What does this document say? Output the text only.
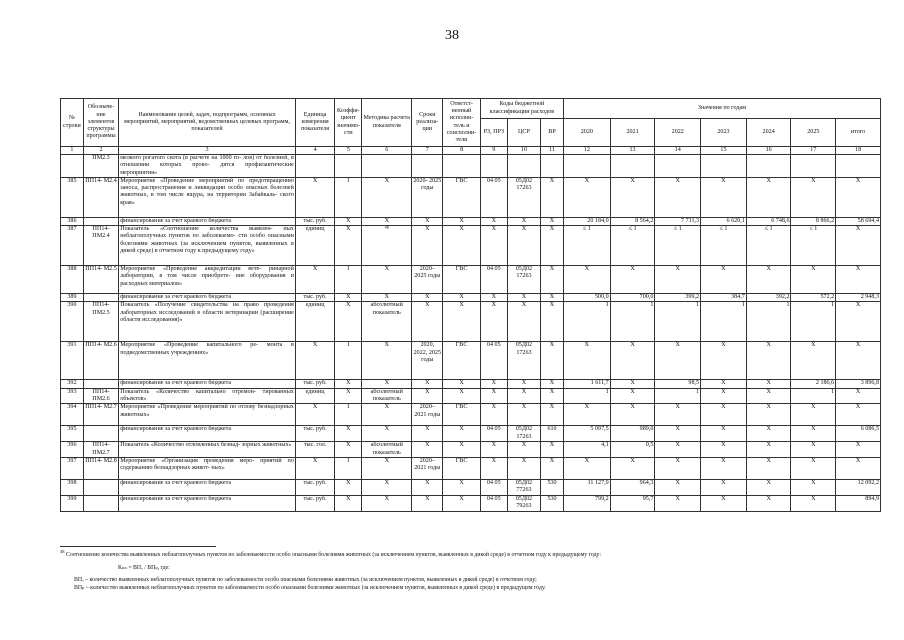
38
№ строки	Обозначе- ние элементов структуры программы	Наименование целей, задач, подпрограмм, основных мероприятий, мероприятий, ведомственных целевых программ, показателей	Единица измерения показателя	Коэффи- циент значимо- сти	Методика расчета показателя	Сроки реализа- ции	Ответст- венный исполни- тель и соисполни- тели	Коды бюджетной классификации расходов			Значения по годам						
								РЗ, ПРЗ	ЦСР	ВР	2020	2021	2022	2023	2024	2025	итого
1	2	3	4	5	6	7	8	9	10	11	12	13	14	15	16	17	18
	ПМ2.3	мелкого рогатого скота (в расчете на 1000 го- лов) от болезней, в отношении которых прово- дятся профилактические мероприятия»															
385	ПП14- М2.4	Мероприятие «Проведение мероприятий по предотвращению заноса, распространения и ликвидации особо опасных болезней животных, в том числе ящура, на территории Забайкаль- ского края»	Х	1	Х	2020- 2025 годы	ГВС	04 05	05Д02 17263	Х	Х	Х	Х	Х	Х	Х	Х
386		финансирование за счет краевого бюджета	тыс. руб.	Х	Х	Х	Х	Х	Х	Х	20 184,0	8 564,2	7 711,3	6 620,1	6 748,6	8 866,2	58 694,4
387	ПП14- ПМ2.4	Показатель «Соотношение количества выявлен- ных неблагополучных пунктов по заболеваемо- сти особо опасными болезнями животных (за исключением пунктов, выявленных в дикой среде) в отчетном году к предыдущему году»	единиц	Х	⁴⁸	Х	Х	Х	Х	Х	≤ 1	≤ 1	≤ 1	≤ 1	≤ 1	≤ 1	Х
388	ПП14- М2.5	Мероприятие «Проведение аккредитации вете- ринарной лаборатории, в том числе приобрете- ние оборудования и расходных материалов»	Х	1	Х	2020– 2025 годы	ГВС	04 05	05Д02 17263	Х	Х	Х	Х	Х	Х	Х	Х
389		финансирование за счет краевого бюджета	тыс. руб.	Х	Х	Х	Х	Х	Х	Х	500,0	700,0	399,2	384,7	392,2	572,2	2 948,3
390	ПП14- ПМ2.5	Показатель «Получение свидетельства на право проведения лабораторных исследований в области ветеринарии (расширение области исследования)»	единиц	Х	абсолютный показатель	Х	Х	Х	Х	Х	1	1	1	1	1	1	Х
391	ПП14- М2.6	Мероприятие «Проведение капитального ре- монта в подведомственных учреждениях»	Х	1	Х	2020, 2022, 2025 годы	ГВС	04 05	05Д02 17263	Х	Х	Х	Х	Х	Х	Х	Х
392		финансирование за счет краевого бюджета	тыс. руб.	Х	Х	Х	Х	Х	Х	Х	1 611,7	Х	98,5	Х	Х	2 186,6	3 896,8
393	ПП14- ПМ2.6	Показатель «Количество капитально отремон- тированных объектов»	единиц	Х	абсолютный показатель	Х	Х	Х	Х	Х	1	Х	1	Х	Х	1	Х
394	ПП14- М2.7	Мероприятие «Проведение мероприятий по отлову безнадзорных животных»	Х	1	Х	2020– 2021 годы	ГВС	Х	Х	Х	Х	Х	Х	Х	Х	Х	Х
395		финансирование за счет краевого бюджета	тыс. руб.	Х	Х	Х	Х	04 05	05Д02 17263	610	5 097,5	989,0	Х	Х	Х	Х	6 086,5
396	ПП14- ПМ2.7	Показатель «Количество отловленных безнад- зорных животных»	тыс. гол.	Х	абсолютный показатель	Х	Х	Х	Х	Х	4,1	0,5	Х	Х	Х	Х	Х
397	ПП14- М2.8	Мероприятие «Организация проведения меро- приятий по содержанию безнадзорных живот- ных»	Х	1	Х	2020– 2021 годы	ГВС	Х	Х	Х	Х	Х	Х	Х	Х	Х	Х
398		финансирование за счет краевого бюджета	тыс. руб.	Х	Х	Х	Х	04 05	05Д02 77263	530	11 127,9	964,3	Х	Х	Х	Х	12 092,2
399		финансирование за счет краевого бюджета	тыс. руб.	Х	Х	Х	Х	04 05	05Д02 79263	530	799,2	95,7	Х	Х	Х	Х	894,9
$^{48}$ Соотношение количества выявленных неблагополучных пунктов по заболеваемости особо опасными болезнями животных (за исключением пунктов, выявленных в дикой среде) в отчетном году к предыдущему году:
Кₙₙ = ВПₒ / ВПₚ, где:
ВПₒ – количество выявленных неблагополучных пунктов по заболеваемости особо опасными болезнями животных (за исключением пунктов, выявленных в дикой среде) в отчетном году;
ВПₚ – количество выявленных неблагополучных пунктов по заболеваемости особо опасными болезнями животных (за исключением пунктов, выявленных в дикой среде) в предыдущем году.
